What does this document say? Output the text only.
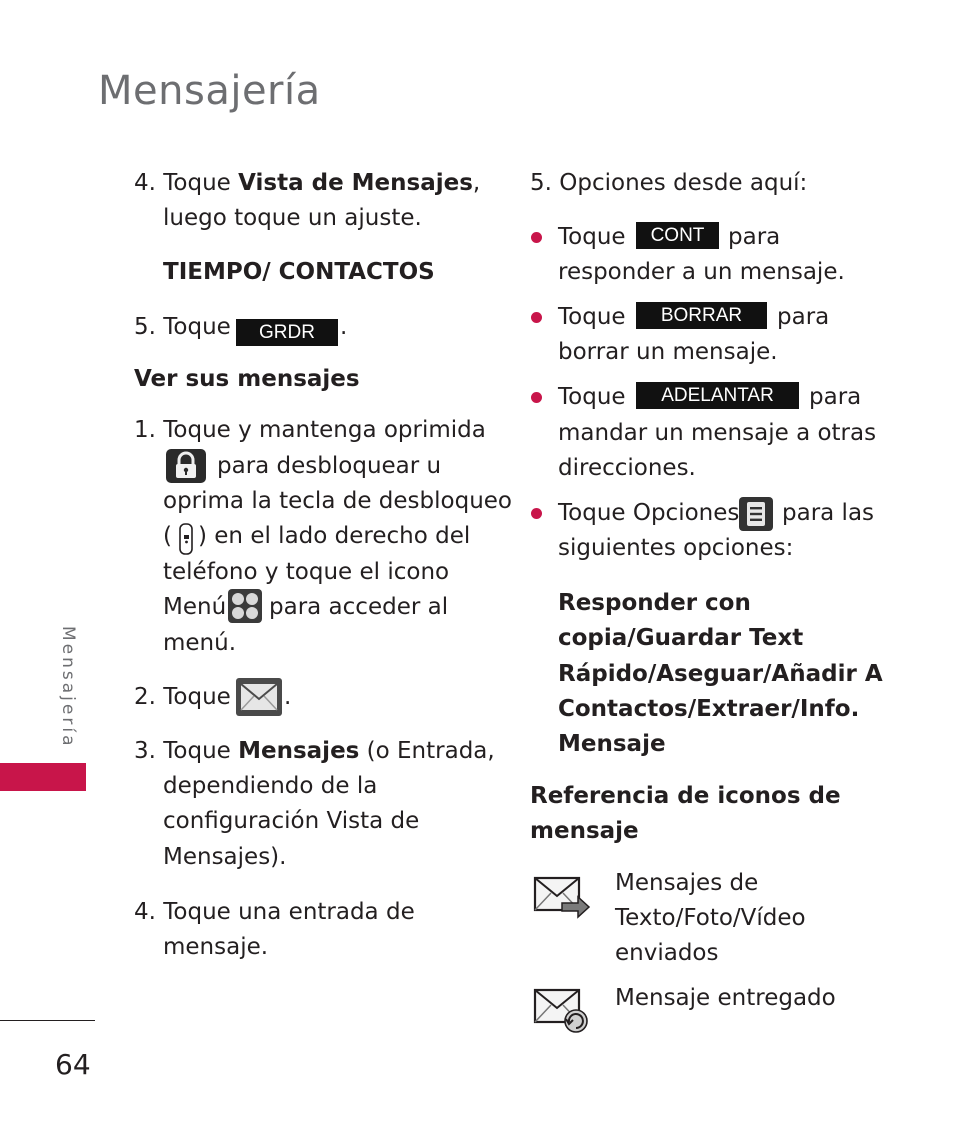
Mensajería
Mensajería
64
4. Toque Vista de Mensajes,
luego toque un ajuste.
TIEMPO/ CONTACTOS
5. Toque	GRDR	.
Ver sus mensajes
1. Toque y mantenga oprimida
para desbloquear u
oprima la tecla de desbloqueo
( ) en el lado derecho del
teléfono y toque el icono
Menú para acceder al
menú.
2. Toque .
3. Toque Mensajes (o Entrada,
dependiendo de la
configuración Vista de
Mensajes).
4. Toque una entrada de
mensaje.
5. Opciones desde aquí:
Toque	CONT	para
responder a un mensaje.
Toque	BORRAR	para
borrar un mensaje.
Toque	ADELANTAR	para
mandar un mensaje a otras
direcciones.
Toque Opciones para las
siguientes opciones:
Responder con
copia/Guardar Text
Rápido/Aseguar/Añadir A
Contactos/Extraer/Info.
Mensaje
Referencia de iconos de
mensaje
Mensajes de
Texto/Foto/Vídeo
enviados
Mensaje entregado
